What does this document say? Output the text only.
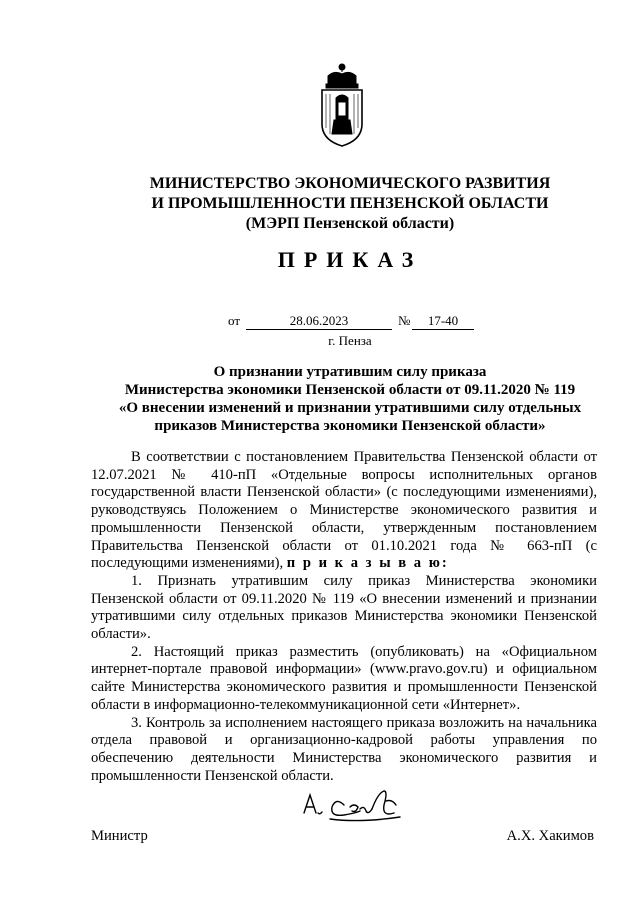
МИНИСТЕРСТВО ЭКОНОМИЧЕСКОГО РАЗВИТИЯ
И ПРОМЫШЛЕННОСТИ ПЕНЗЕНСКОЙ ОБЛАСТИ
(МЭРП Пензенской области)
ПРИКАЗ
от	28.06.2023	№	17-40
г. Пенза
О признании утратившим силу приказа
Министерства экономики Пензенской области от 09.11.2020 № 119
«О внесении изменений и признании утратившими силу отдельных
приказов Министерства экономики Пензенской области»

В соответствии с постановлением Правительства Пензенской области от 12.07.2021 № 410-пП «Отдельные вопросы исполнительных органов государственной власти Пензенской области» (с последующими изменениями), руководствуясь Положением о Министерстве экономического развития и промышленности Пензенской области, утвержденным постановлением Правительства Пензенской области от 01.10.2021 года № 663-пП (с последующими изменениями), п р и к а з ы в а ю:

1. Признать утратившим силу приказ Министерства экономики Пензенской области от 09.11.2020 № 119 «О внесении изменений и признании утратившими силу отдельных приказов Министерства экономики Пензенской области».

2. Настоящий приказ разместить (опубликовать) на «Официальном интернет-портале правовой информации» (www.pravo.gov.ru) и официальном сайте Министерства экономического развития и промышленности Пензенской области в информационно-телекоммуникационной сети «Интернет».

3. Контроль за исполнением настоящего приказа возложить на начальника отдела правовой и организационно-кадровой работы управления по обеспечению деятельности Министерства экономического развития и промышленности Пензенской области.

Министр	А.Х. Хакимов
